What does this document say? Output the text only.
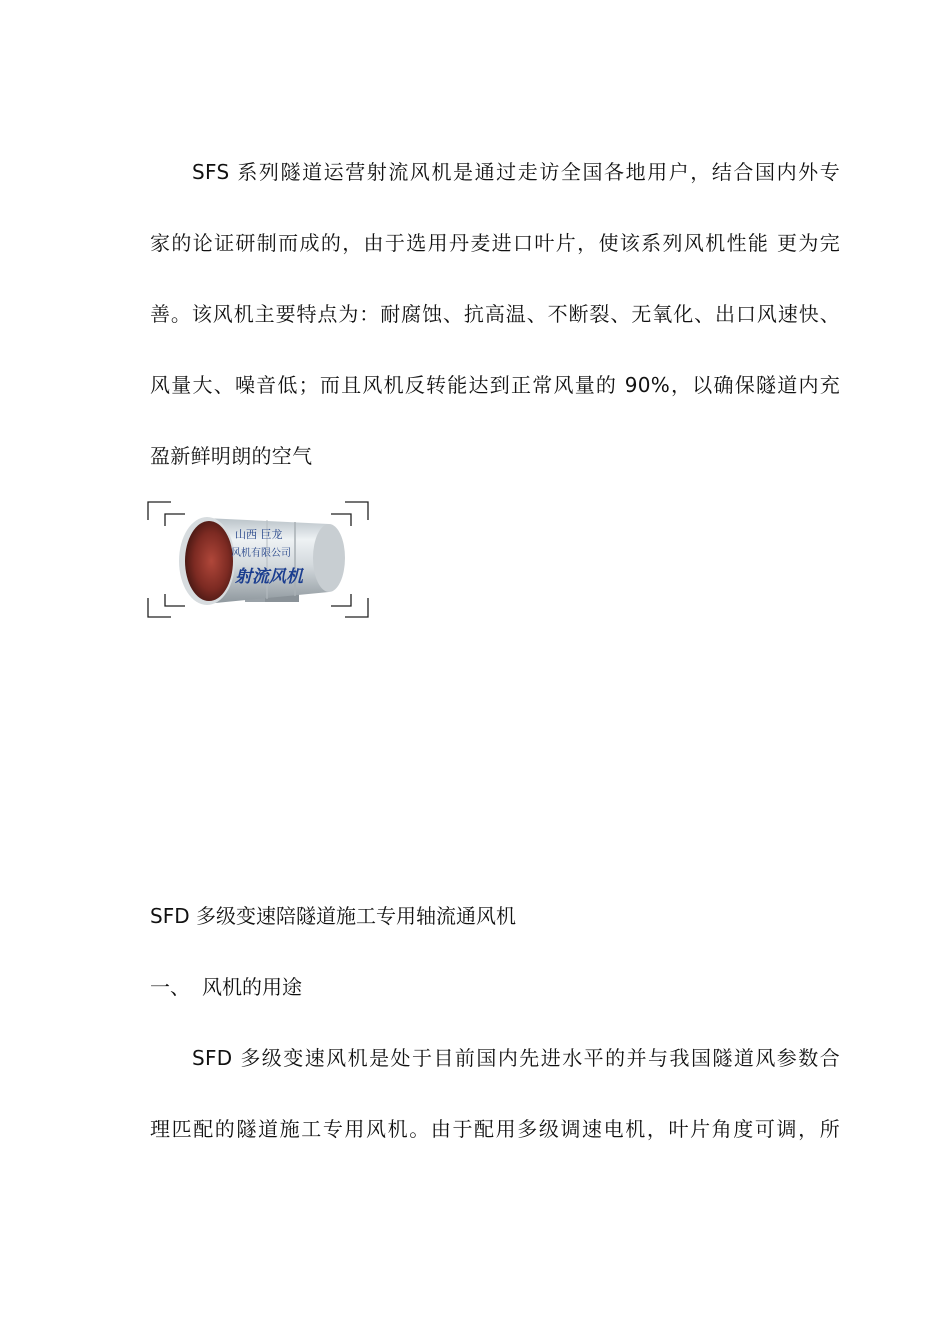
SFS 系列隧道运营射流风机是通过走访全国各地用户，结合国内外专
家的论证研制而成的，由于选用丹麦进口叶片，使该系列风机性能 更为完
善。该风机主要特点为：耐腐蚀、抗高温、不断裂、无氧化、出口风速快、
风量大、噪音低；而且风机反转能达到正常风量的 90%，以确保隧道内充
盈新鲜明朗的空气
山西 巨龙
风机有限公司
射流风机
SFD 多级变速陪隧道施工专用轴流通风机
一、 风机的用途
SFD 多级变速风机是处于目前国内先进水平的并与我国隧道风参数合
理匹配的隧道施工专用风机。由于配用多级调速电机，叶片角度可调，所
